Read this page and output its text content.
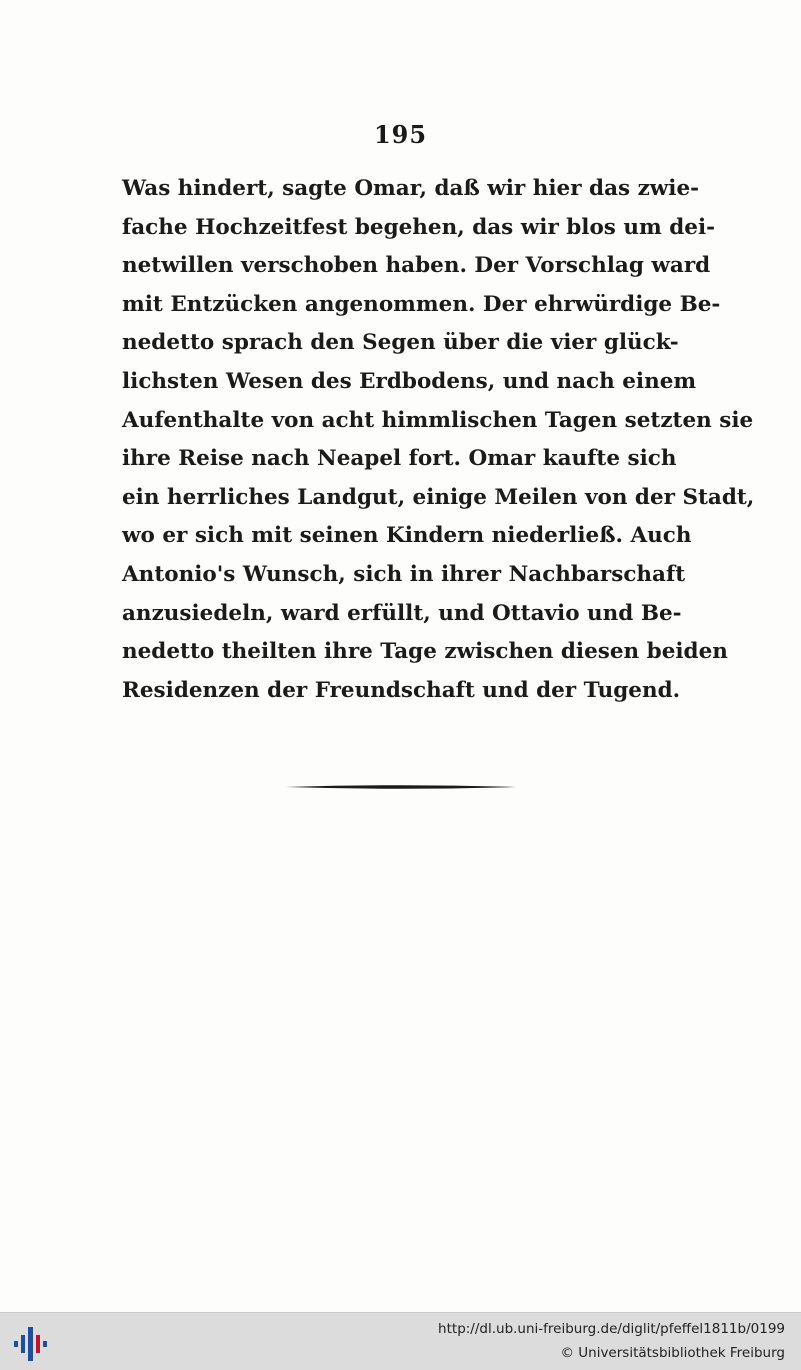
195
Was hindert, sagte Omar, daß wir hier das zwie-
fache Hochzeitfest begehen, das wir blos um dei-
netwillen verschoben haben. Der Vorschlag ward
mit Entzücken angenommen. Der ehrwürdige Be-
nedetto sprach den Segen über die vier glück-
lichsten Wesen des Erdbodens, und nach einem
Aufenthalte von acht himmlischen Tagen setzten sie
ihre Reise nach Neapel fort. Omar kaufte sich
ein herrliches Landgut, einige Meilen von der Stadt,
wo er sich mit seinen Kindern niederließ. Auch
Antonio's Wunsch, sich in ihrer Nachbarschaft
anzusiedeln, ward erfüllt, und Ottavio und Be-
nedetto theilten ihre Tage zwischen diesen beiden
Residenzen der Freundschaft und der Tugend.
http://dl.ub.uni-freiburg.de/diglit/pfeffel1811b/0199
© Universitätsbibliothek Freiburg
